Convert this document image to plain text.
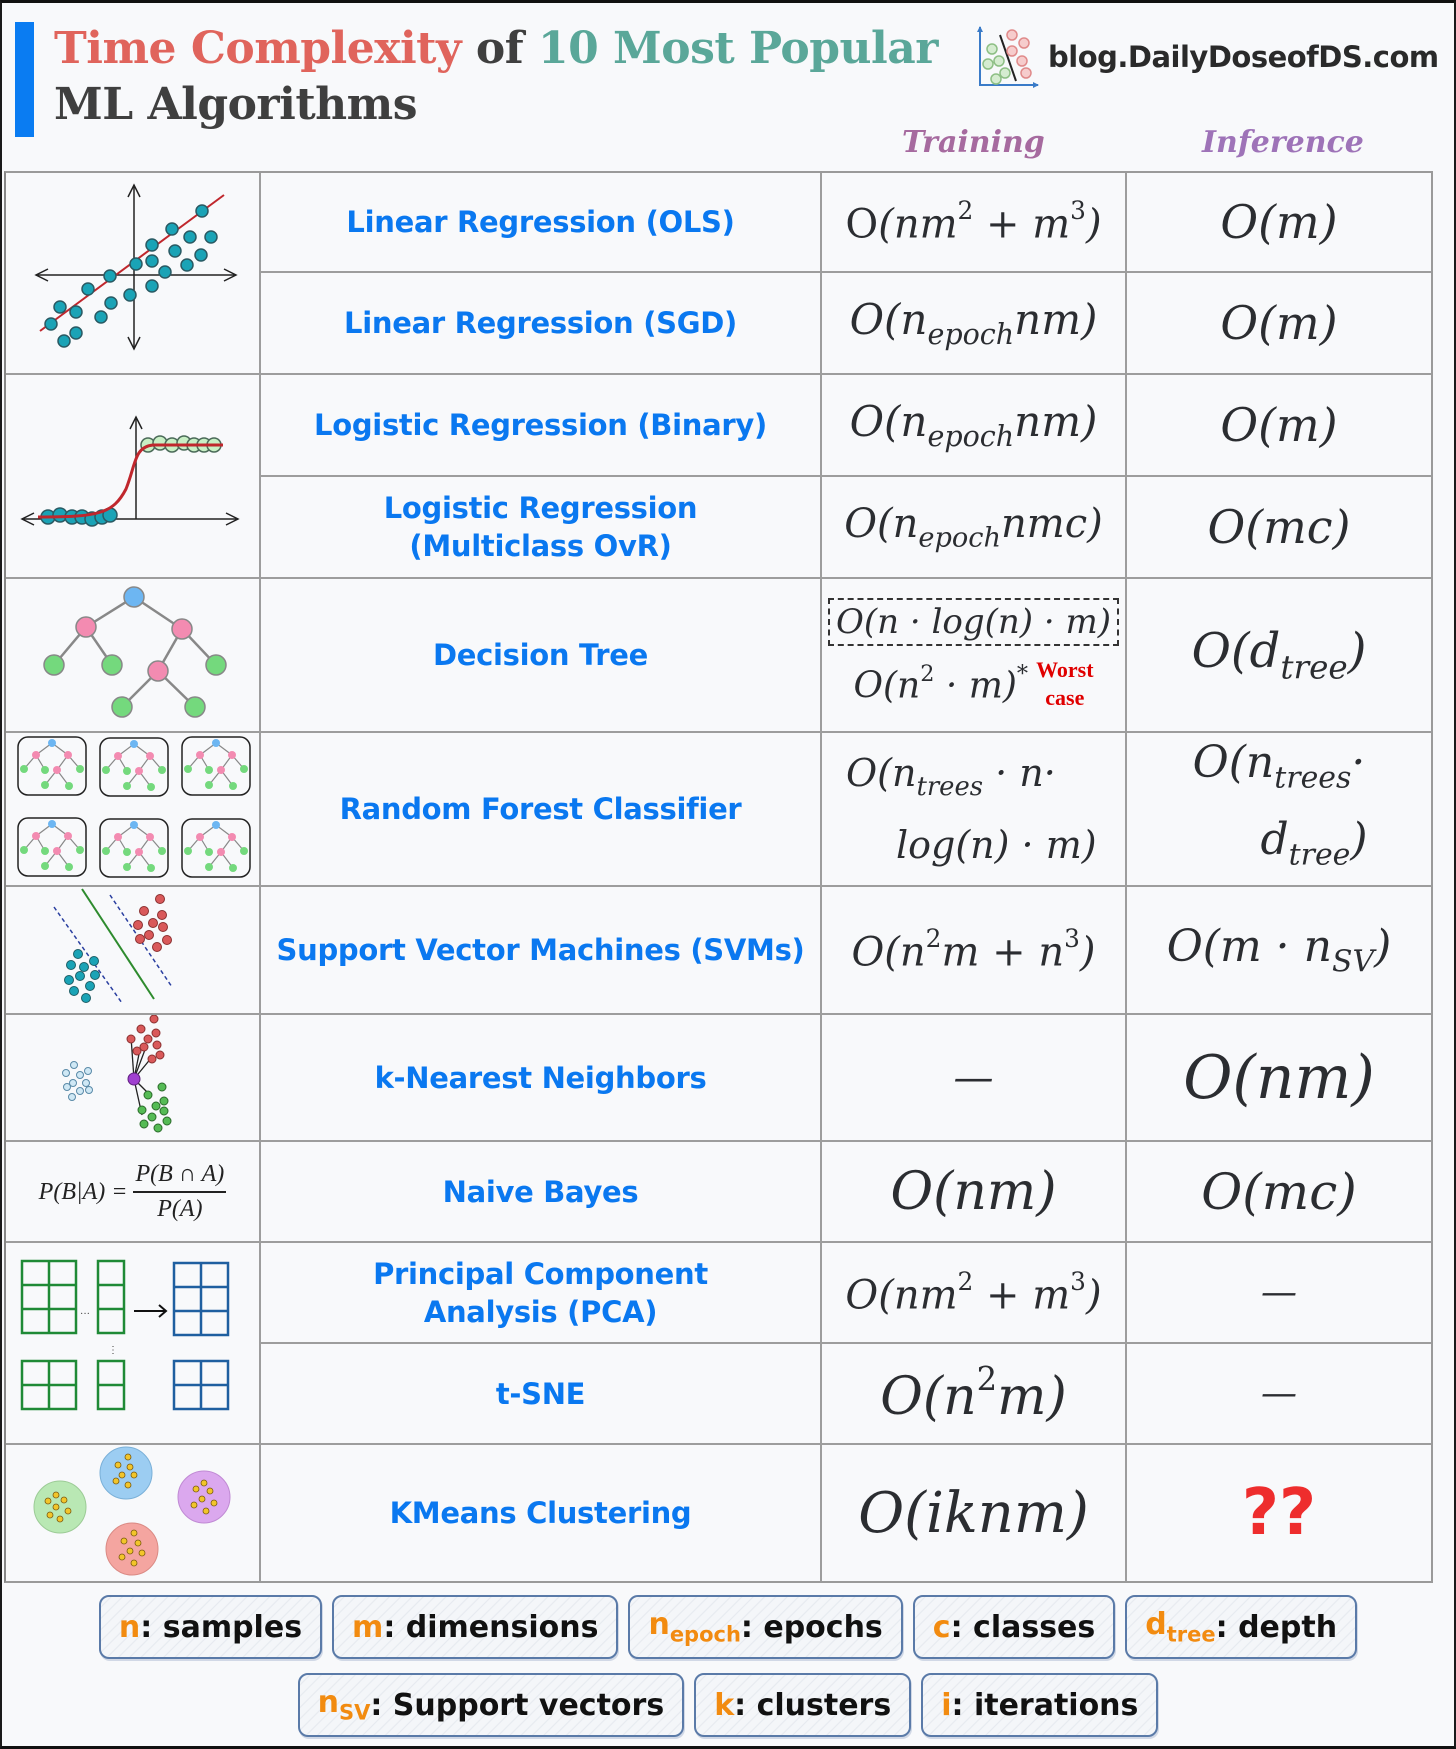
Time Complexity of 10 Most Popular
ML Algorithms
blog.DailyDoseofDS.com
Training	Inference
$P(B|A) = \frac{P(B \cap A)}{P(A)}$
···
⋮
Linear Regression (OLS)
Linear Regression (SGD)
Logistic Regression (Binary)
Logistic Regression
(Multiclass OvR)
Decision Tree
Random Forest Classifier
Support Vector Machines (SVMs)
k-Nearest Neighbors
Naive Bayes
Principal Component
Analysis (PCA)
t-SNE
KMeans Clustering
$O(nm^2 + m^3)$
$O(n_{epoch}nm)$
$O(n_{epoch}nm)$
$O(n_{epoch}nmc)$
O(n · log(n) · m)
$O(n^2 \cdot m)^*$ Worst
case
$O(n_{trees} \cdot n\cdot$
log(n) · m)
$O(n^2m + n^3)$
—
O(nm)
$O(nm^2 + m^3)$
$O(n^2m)$
O(iknm)
O(m)
O(m)
O(m)
O(mc)
$O(d_{tree})$
$O(n_{trees}\cdot$
$d_{tree}$)
$O(m \cdot n_{SV})$
O(nm)
O(mc)
—
—
??
n : samples m : dimensions $n_{epoch}$ : epochs c : classes $d_{tree}$ : depth
$n_{SV}$ : Support vectors k : clusters i : iterations
